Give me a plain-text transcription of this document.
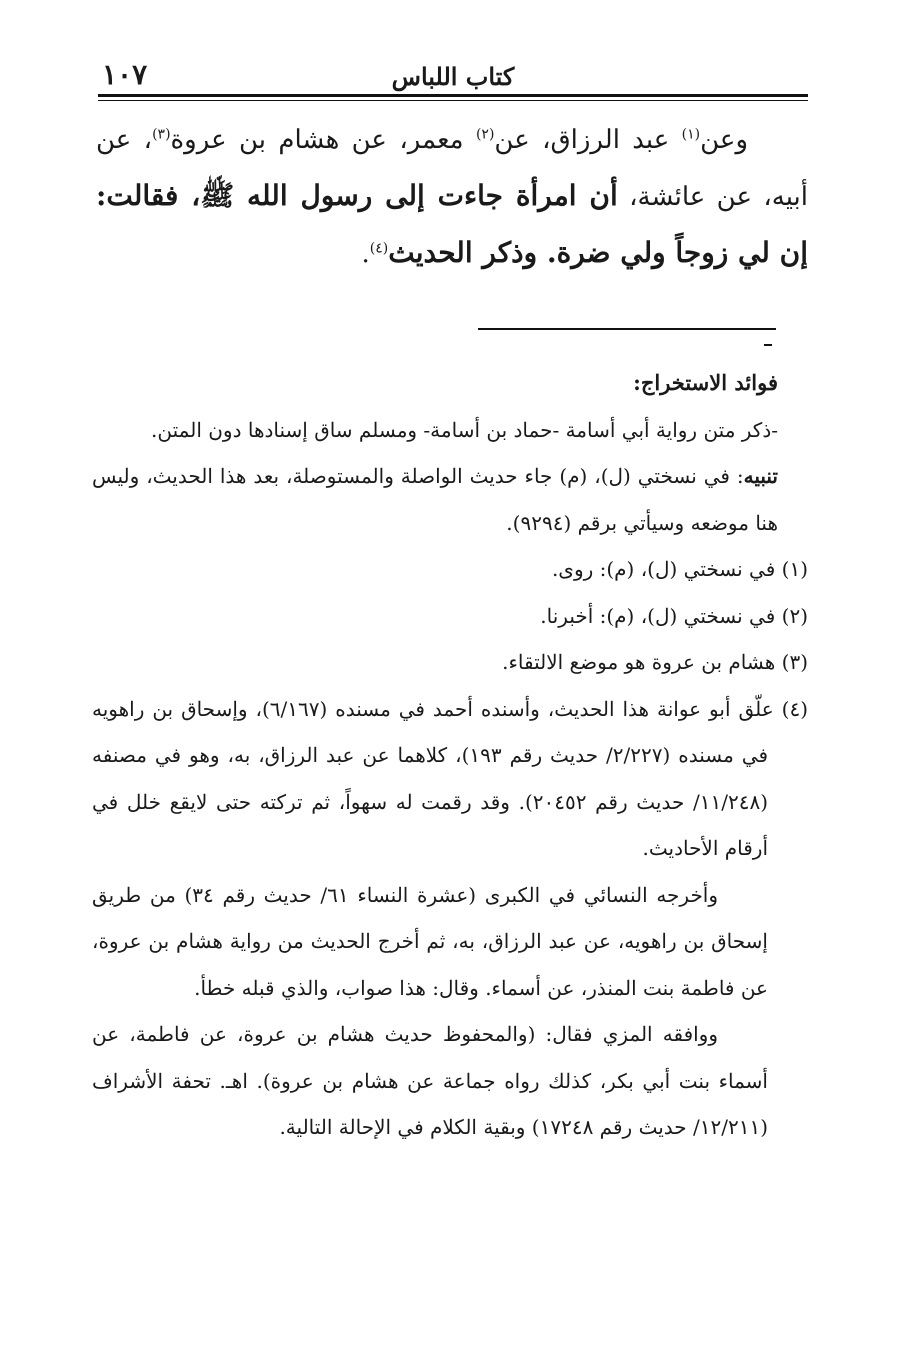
١٠٧	كتاب اللباس

وعن$^{(١)}$ عبد الرزاق، عن$^{(٢)}$ معمر، عن هشام بن عروة$^{(٣)}$، عن أبيه، عن عائشة، أن امرأة جاءت إلى رسول الله ﷺ، فقالت: إن لي زوجاً ولي ضرة. وذكر الحديث$^{(٤)}$.

فوائد الاستخراج:

-ذكر متن رواية أبي أسامة -حماد بن أسامة- ومسلم ساق إسنادها دون المتن.

تنبيه: في نسختي (ل)، (م) جاء حديث الواصلة والمستوصلة، بعد هذا الحديث، وليس هنا موضعه وسيأتي برقم (٩٢٩٤).

(١) في نسختي (ل)، (م): روى.

(٢) في نسختي (ل)، (م): أخبرنا.

(٣) هشام بن عروة هو موضع الالتقاء.

(٤) علّق أبو عوانة هذا الحديث، وأسنده أحمد في مسنده (٦/١٦٧)، وإسحاق بن راهويه في مسنده (٢/٢٢٧/ حديث رقم ١٩٣)، كلاهما عن عبد الرزاق، به، وهو في مصنفه (١١/٢٤٨/ حديث رقم ٢٠٤٥٢). وقد رقمت له سهواً، ثم تركته حتى لايقع خلل في أرقام الأحاديث.

وأخرجه النسائي في الكبرى (عشرة النساء ٦١/ حديث رقم ٣٤) من طريق إسحاق بن راهويه، عن عبد الرزاق، به، ثم أخرج الحديث من رواية هشام بن عروة، عن فاطمة بنت المنذر، عن أسماء. وقال: هذا صواب، والذي قبله خطأ.

ووافقه المزي فقال: (والمحفوظ حديث هشام بن عروة، عن فاطمة، عن أسماء بنت أبي بكر، كذلك رواه جماعة عن هشام بن عروة). اهـ. تحفة الأشراف (١٢/٢١١/ حديث رقم ١٧٢٤٨) وبقية الكلام في الإحالة التالية.
